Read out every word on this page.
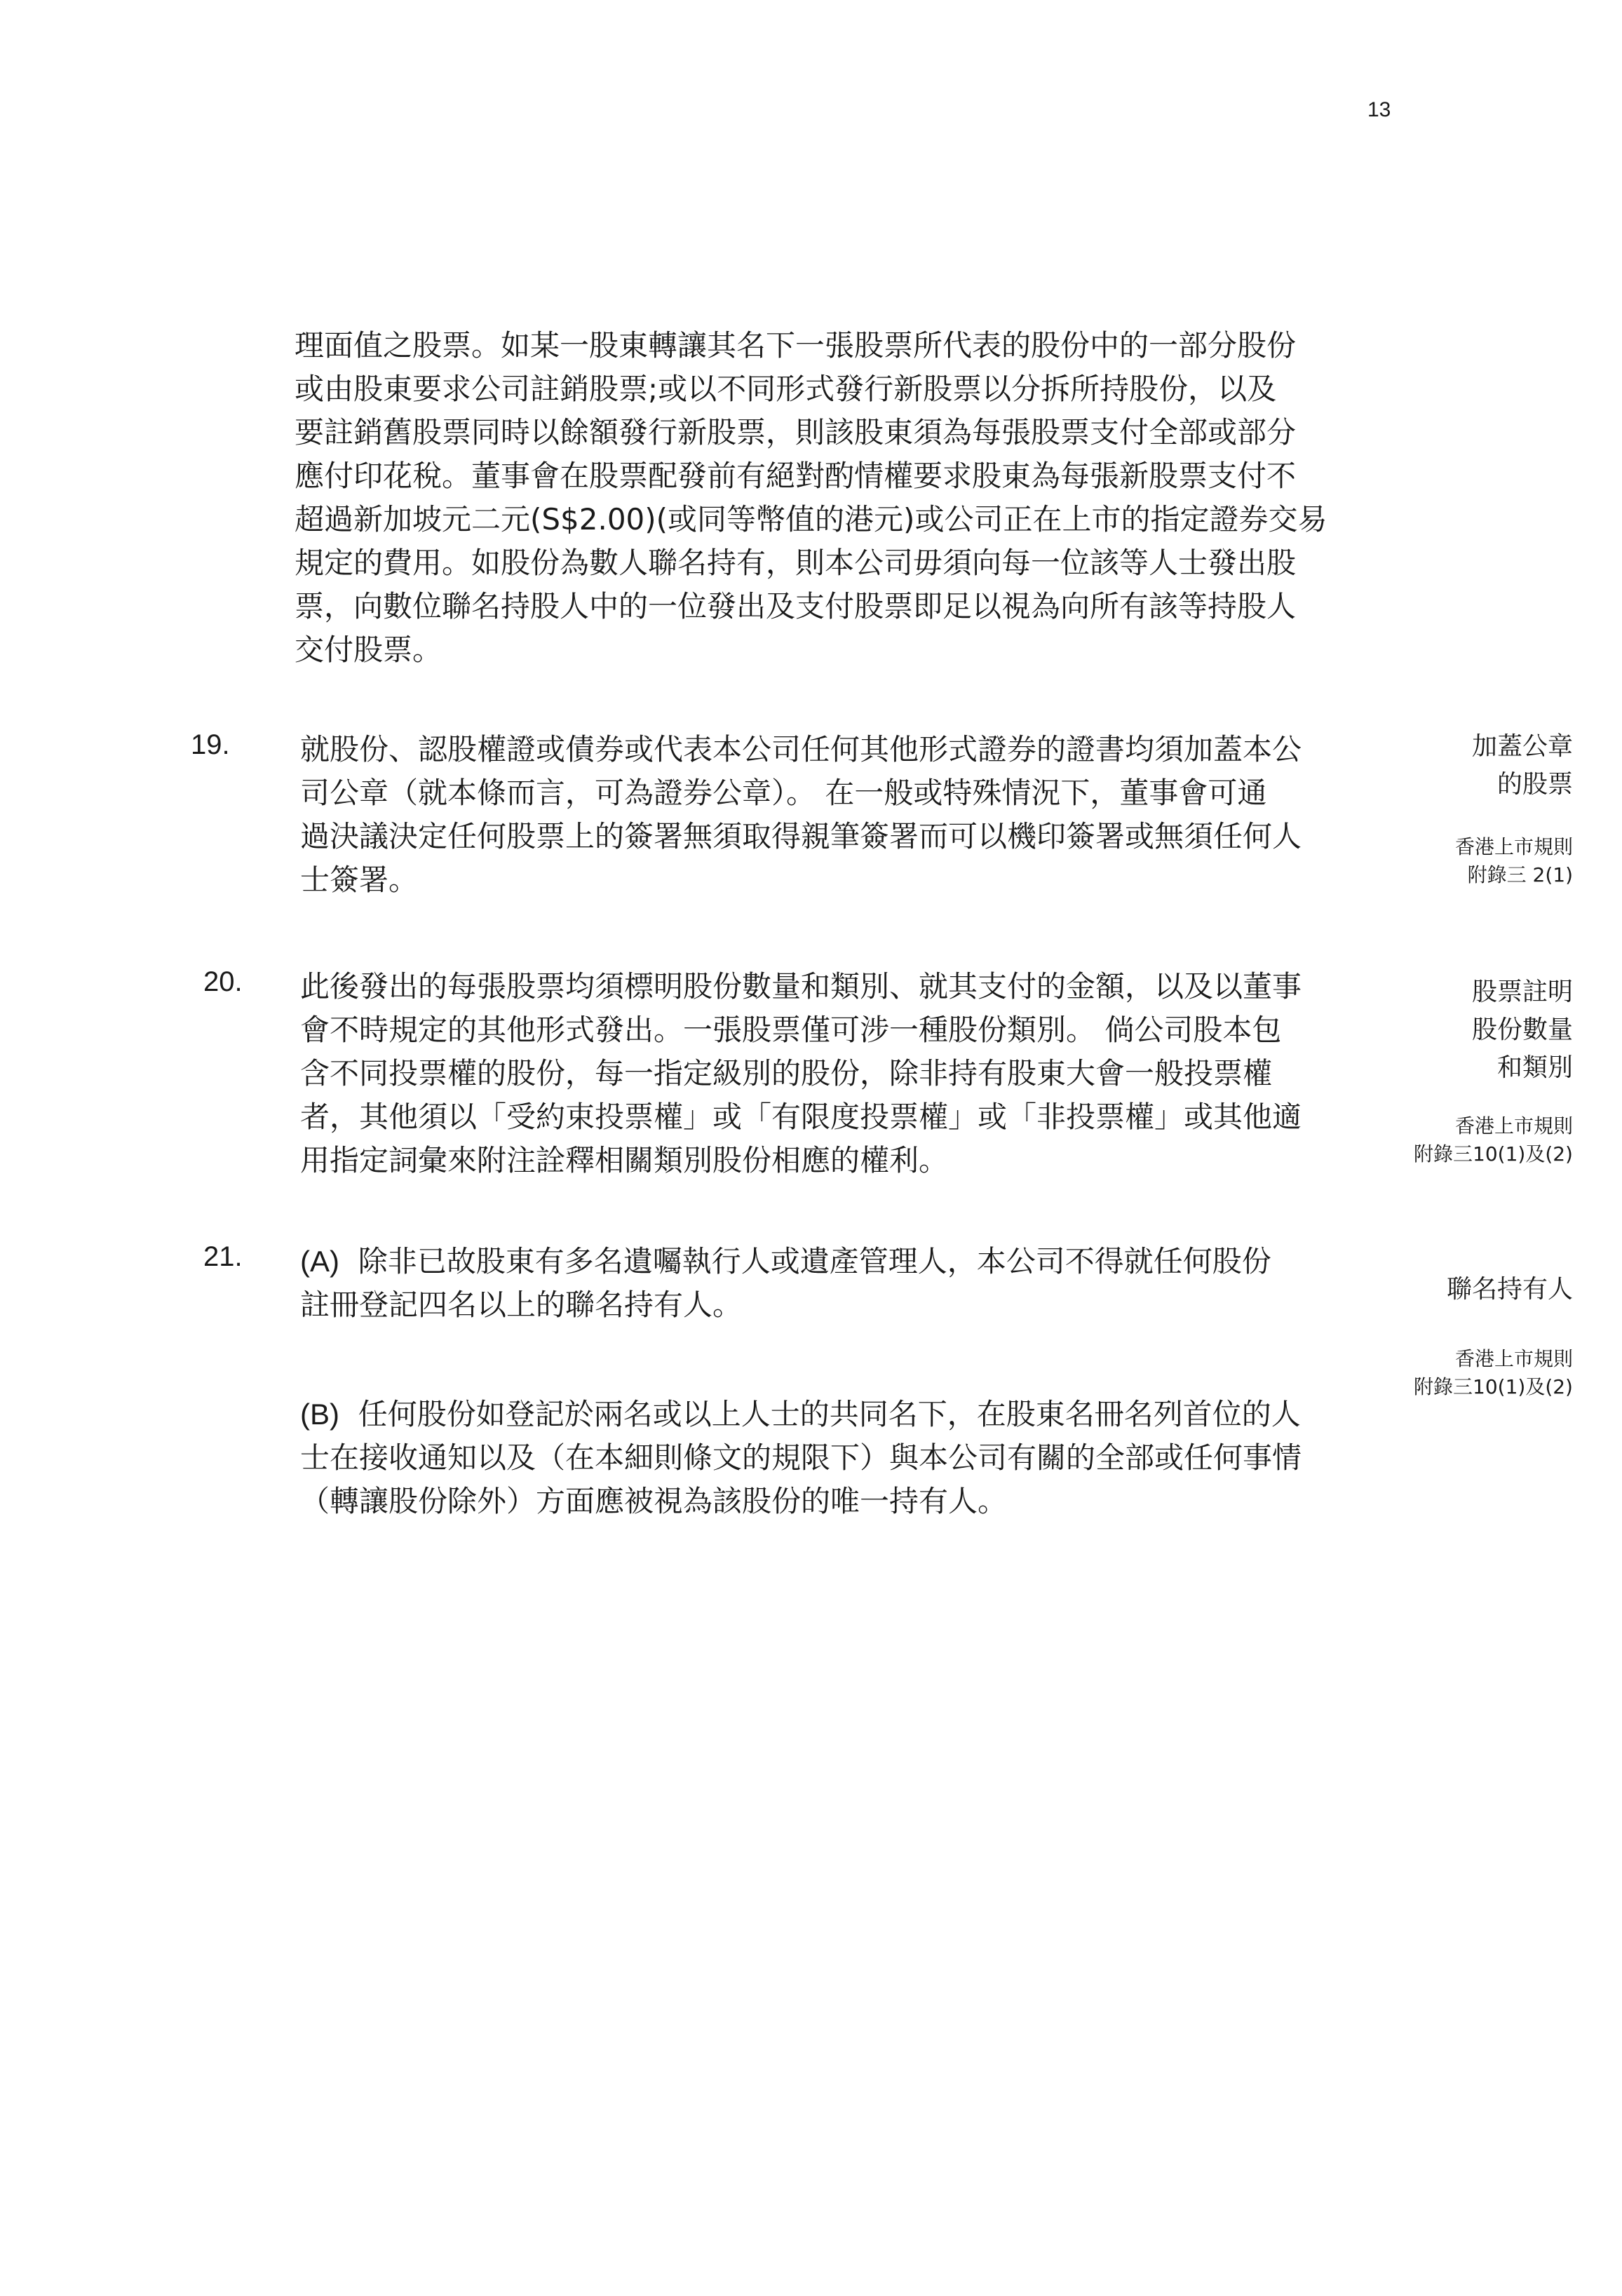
13
理面值之股票。如某一股東轉讓其名下一張股票所代表的股份中的一部分股份
或由股東要求公司註銷股票;或以不同形式發行新股票以分拆所持股份，以及
要註銷舊股票同時以餘額發行新股票，則該股東須為每張股票支付全部或部分
應付印花稅。董事會在股票配發前有絕對酌情權要求股東為每張新股票支付不
超過新加坡元二元(S$2.00)(或同等幣值的港元)或公司正在上市的指定證券交易
規定的費用。如股份為數人聯名持有，則本公司毋須向每一位該等人士發出股
票，向數位聯名持股人中的一位發出及支付股票即足以視為向所有該等持股人
交付股票。
19. 就股份、認股權證或債券或代表本公司任何其他形式證券的證書均須加蓋本公
司公章（就本條而言，可為證券公章）。 在一般或特殊情況下，董事會可通
過決議決定任何股票上的簽署無須取得親筆簽署而可以機印簽署或無須任何人
士簽署。
加蓋公章
的股票
香港上市規則
附錄三 2(1)
20. 此後發出的每張股票均須標明股份數量和類別、就其支付的金額，以及以董事
會不時規定的其他形式發出。一張股票僅可涉一種股份類別。 倘公司股本包
含不同投票權的股份，每一指定級別的股份，除非持有股東大會一般投票權
者，其他須以「受約束投票權」或「有限度投票權」或「非投票權」或其他適
用指定詞彙來附注詮釋相關類別股份相應的權利。
股票註明
股份數量
和類別
香港上市規則
附錄三10(1)及(2)
21. (A) 除非已故股東有多名遺囑執行人或遺產管理人，本公司不得就任何股份
註冊登記四名以上的聯名持有人。	聯名持有人
香港上市規則
附錄三10(1)及(2)
(B) 任何股份如登記於兩名或以上人士的共同名下，在股東名冊名列首位的人
士在接收通知以及（在本細則條文的規限下）與本公司有關的全部或任何事情
（轉讓股份除外）方面應被視為該股份的唯一持有人。
